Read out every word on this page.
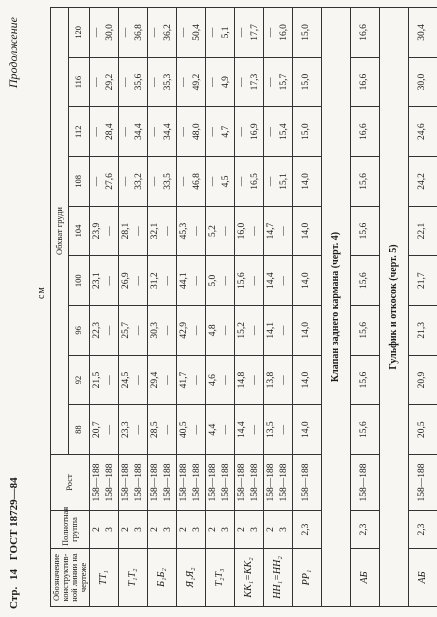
Стр. 14 ГОСТ 18729—84
Продолжение
см
Обозначение конструктив-ной линии на чертеже	Полнотная группа	Рост	Обхват груди								
			88	92	96	100	104	108	112	116	120
ТТ₁	2 3	158—188 158—188	20,7 —	21,5 —	22,3 —	23,1 —	23,9 —	— 27,6	— 28,4	— 29,2	— 30,0

Т₁Т₂	2 3	158—188 158—188	23,3 —	24,5 —	25,7 —	26,9 —	28,1 —	— 33,2	— 34,4	— 35,6	— 36,8

Б₁Б₂	2 3	158—188 158—188	28,5 —	29,4 —	30,3 —	31,2 —	32,1 —	— 33,5	— 34,4	— 35,3	— 36,2

Я₁Я₂	2 3	158—188 158—188	40,5 —	41,7 —	42,9 —	44,1 —	45,3 —	— 46,8	— 48,0	— 49,2	— 50,4

Т₂Т₃	2 3	158—188 158—188	4,4 —	4,6 —	4,8 —	5,0 —	5,2 —	— 4,5	— 4,7	— 4,9	— 5,1

КК₁=КК₂	2 3	158—188 158—188	14,4 —	14,8 —	15,2 —	15,6 —	16,0 —	— 16,5	— 16,9	— 17,3	— 17,7

НН₁=НН₂	2 3	158—188 158—188	13,5 —	13,8 —	14,1 —	14,4 —	14,7 —	— 15,1	— 15,4	— 15,7	— 16,0

РР₁	2,3	158—188	14,0	14,0	14,0	14,0	14,0	14,0	15,0	15,0	15,0

Клапан заднего кармана (черт. 4)											
АБ	2,3	158—188	15,6	15,6	15,6	15,6	15,6	15,6	16,6	16,6	16,6

Гульфик и откосок (черт. 5)											
АБ	2,3	158—188	20,5	20,9	21,3	21,7	22,1	24,2	24,6	30,0	30,4
